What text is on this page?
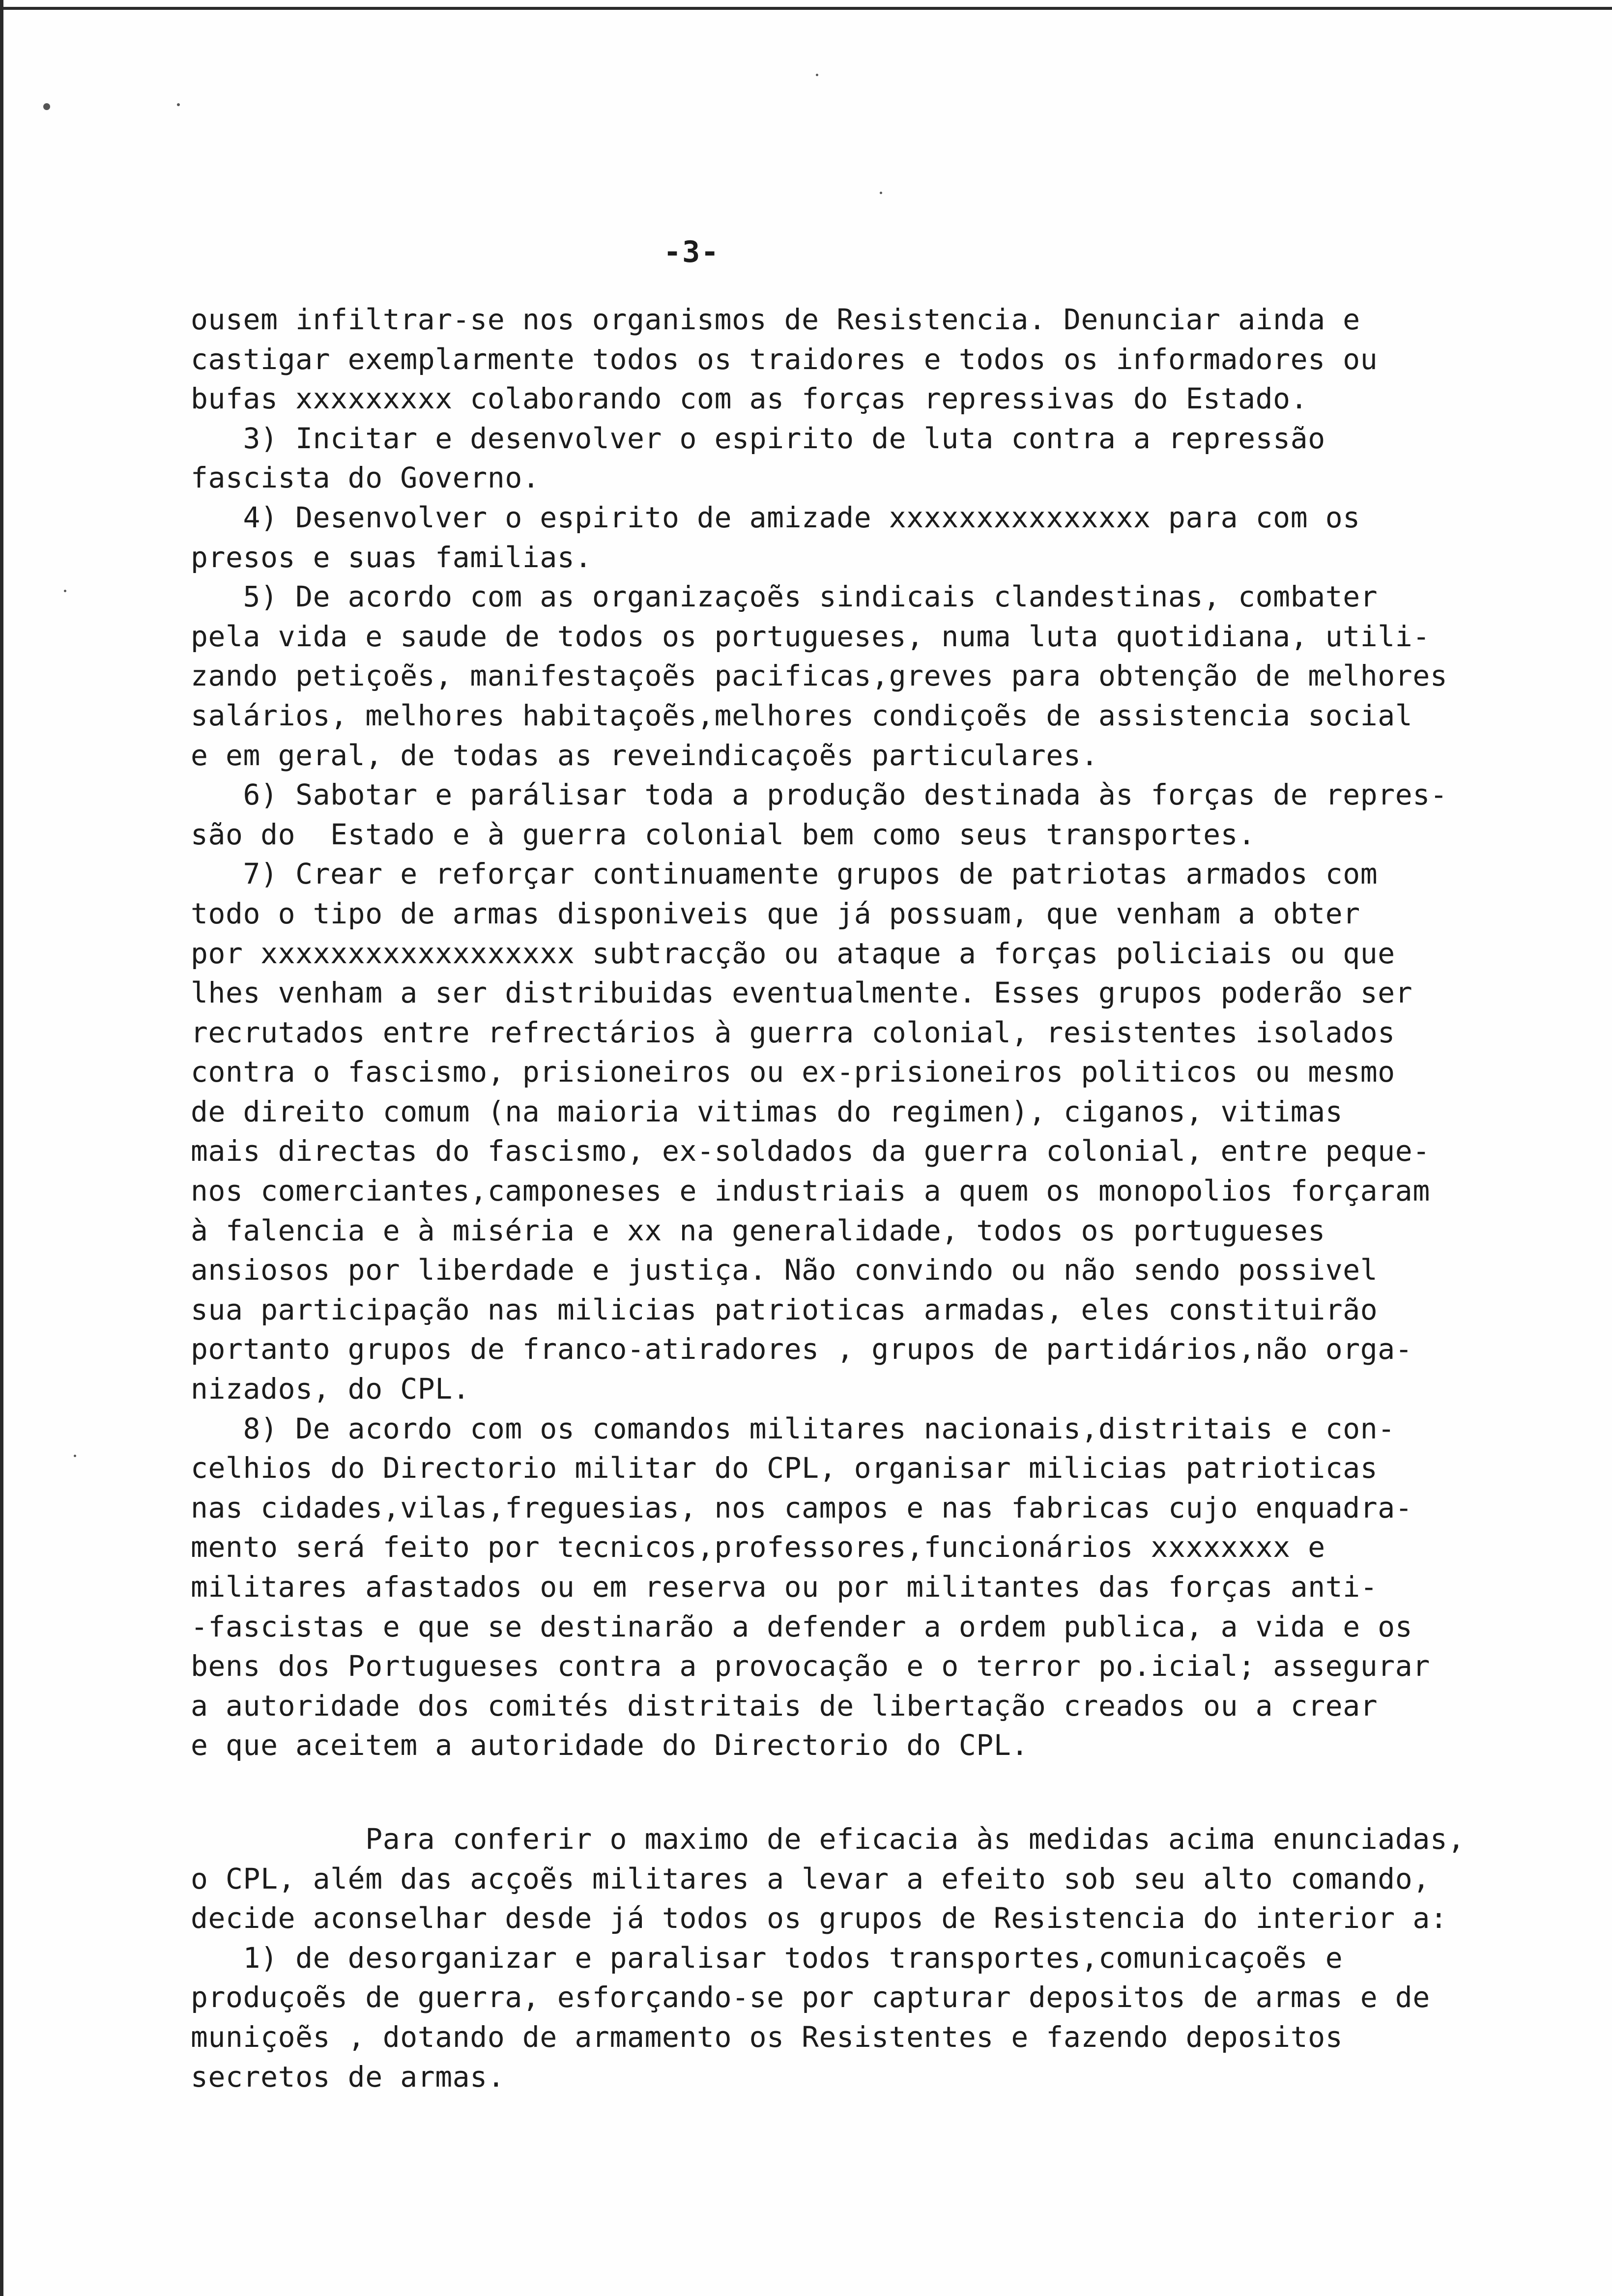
-3-
ousem infiltrar-se nos organismos de Resistencia. Denunciar ainda e
castigar exemplarmente todos os traidores e todos os informadores ou
bufas xxxxxxxxx colaborando com as forças repressivas do Estado.
3) Incitar e desenvolver o espirito de luta contra a repressão
fascista do Governo.
4) Desenvolver o espirito de amizade xxxxxxxxxxxxxxx para com os
presos e suas familias.
5) De acordo com as organizaçoẽs sindicais clandestinas, combater
pela vida e saude de todos os portugueses, numa luta quotidiana, utili-
zando petiçoẽs, manifestaçoẽs pacificas,greves para obtenção de melhores
salários, melhores habitaçoẽs,melhores condiçoẽs de assistencia social
e em geral, de todas as reveindicaçoẽs particulares.
6) Sabotar e parálisar toda a produção destinada às forças de repres-
são do  Estado e à guerra colonial bem como seus transportes.
7) Crear e reforçar continuamente grupos de patriotas armados com
todo o tipo de armas disponiveis que já possuam, que venham a obter
por xxxxxxxxxxxxxxxxxx subtracção ou ataque a forças policiais ou que
lhes venham a ser distribuidas eventualmente. Esses grupos poderão ser
recrutados entre refrectários à guerra colonial, resistentes isolados
contra o fascismo, prisioneiros ou ex-prisioneiros politicos ou mesmo
de direito comum (na maioria vitimas do regimen), ciganos, vitimas
mais directas do fascismo, ex-soldados da guerra colonial, entre peque-
nos comerciantes,camponeses e industriais a quem os monopolios forçaram
à falencia e à miséria e xx na generalidade, todos os portugueses
ansiosos por liberdade e justiça. Não convindo ou não sendo possivel
sua participação nas milicias patrioticas armadas, eles constituirão
portanto grupos de franco-atiradores , grupos de partidários,não orga-
nizados, do CPL.
8) De acordo com os comandos militares nacionais,distritais e con-
celhios do Directorio militar do CPL, organisar milicias patrioticas
nas cidades,vilas,freguesias, nos campos e nas fabricas cujo enquadra-
mento será feito por tecnicos,professores,funcionários xxxxxxxx e
militares afastados ou em reserva ou por militantes das forças anti-
-fascistas e que se destinarão a defender a ordem publica, a vida e os
bens dos Portugueses contra a provocação e o terror po.icial; assegurar
a autoridade dos comités distritais de libertação creados ou a crear
e que aceitem a autoridade do Directorio do CPL.
Para conferir o maximo de eficacia às medidas acima enunciadas,
o CPL, além das acçoẽs militares a levar a efeito sob seu alto comando,
decide aconselhar desde já todos os grupos de Resistencia do interior a:
1) de desorganizar e paralisar todos transportes,comunicaçoẽs e
produçoẽs de guerra, esforçando-se por capturar depositos de armas e de
muniçoẽs , dotando de armamento os Resistentes e fazendo depositos
secretos de armas.
